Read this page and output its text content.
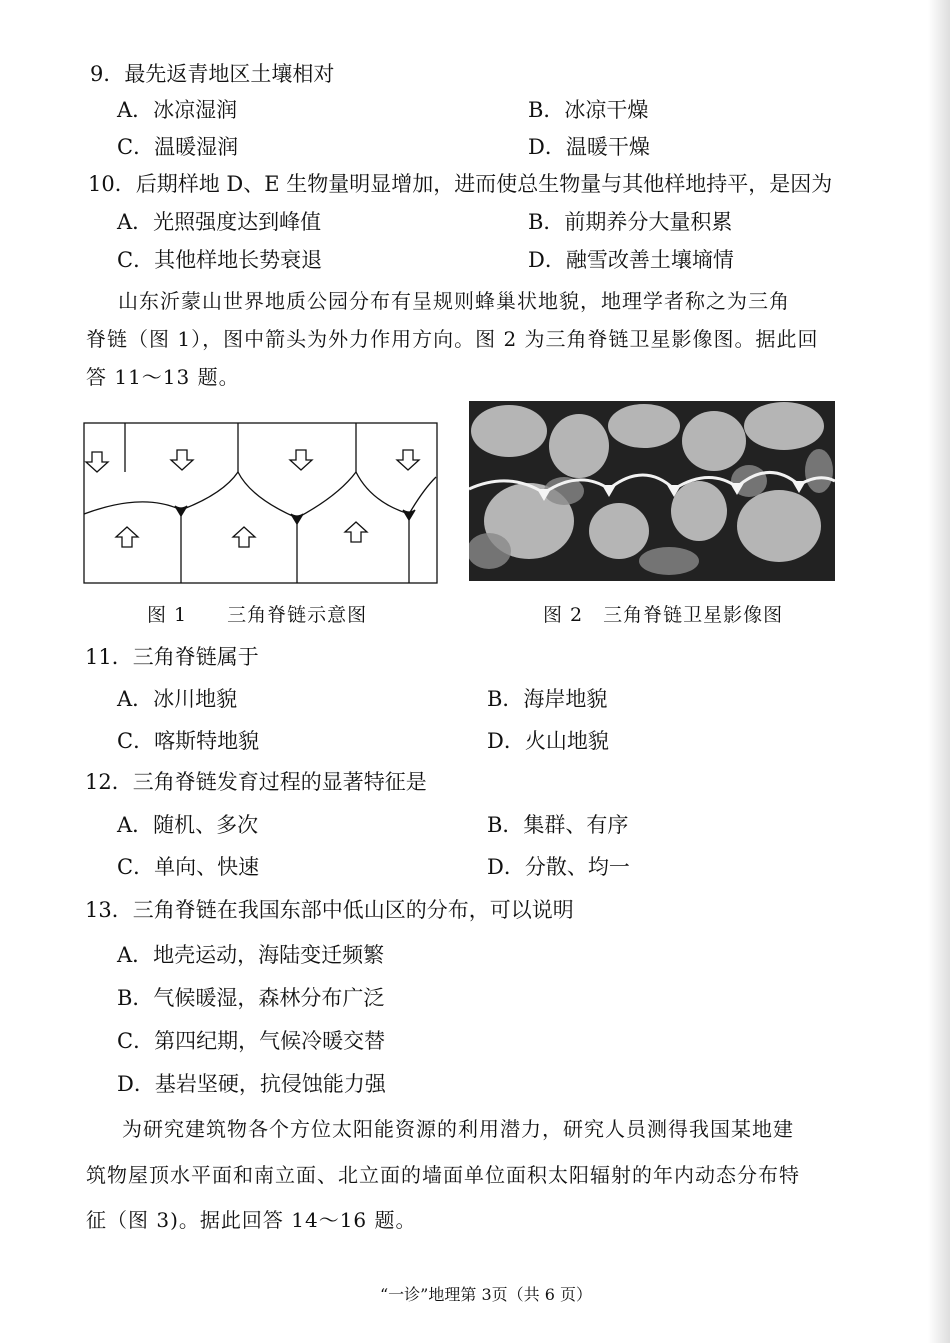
9．最先返青地区土壤相对
A．冰凉湿润	B．冰凉干燥
C．温暖湿润	D．温暖干燥
10．后期样地 D、E 生物量明显增加，进而使总生物量与其他样地持平，是因为
A．光照强度达到峰值	B．前期养分大量积累
C．其他样地长势衰退	D．融雪改善土壤墒情
山东沂蒙山世界地质公园分布有呈规则蜂巢状地貌，地理学者称之为三角
脊链（图 1），图中箭头为外力作用方向。图 2 为三角脊链卫星影像图。据此回
答 11～13 题。
图 1　　三角脊链示意图	图 2　三角脊链卫星影像图
11．三角脊链属于
A．冰川地貌	B．海岸地貌
C．喀斯特地貌	D．火山地貌
12．三角脊链发育过程的显著特征是
A．随机、多次	B．集群、有序
C．单向、快速	D．分散、均一
13．三角脊链在我国东部中低山区的分布，可以说明
A．地壳运动，海陆变迁频繁
B．气候暖湿，森林分布广泛
C．第四纪期，气候冷暖交替
D．基岩坚硬，抗侵蚀能力强
为研究建筑物各个方位太阳能资源的利用潜力，研究人员测得我国某地建
筑物屋顶水平面和南立面、北立面的墙面单位面积太阳辐射的年内动态分布特
征（图 3)。据此回答 14～16 题。
“一诊”地理第 3页（共 6 页）
